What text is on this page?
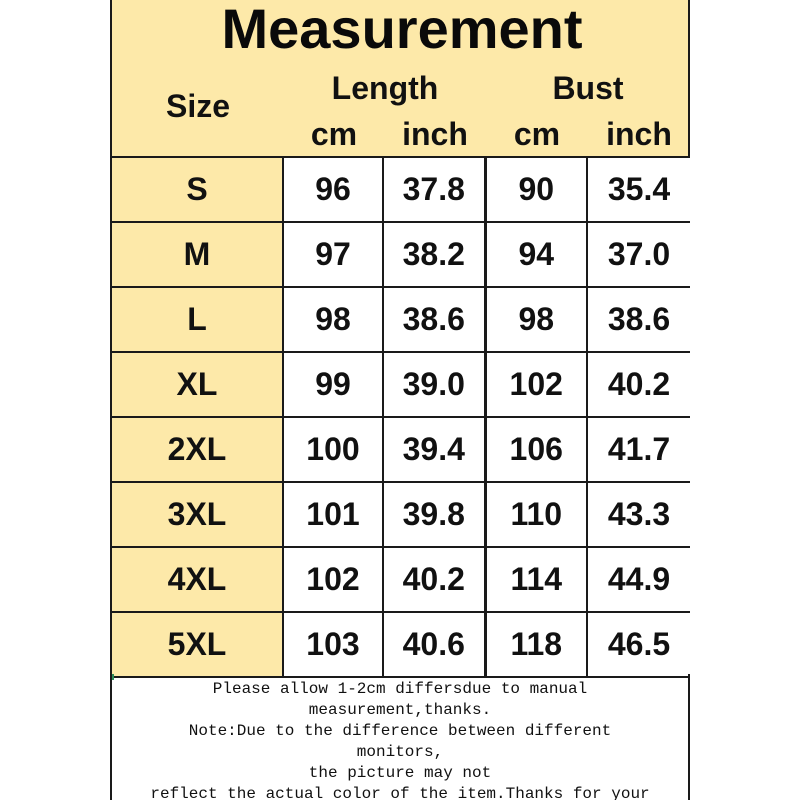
Measurement
Size	Length	Bust
cm	inch	cm	inch
S	96	37.8	90	35.4
M	97	38.2	94	37.0
L	98	38.6	98	38.6
XL	99	39.0	102	40.2
2XL	100	39.4	106	41.7
3XL	101	39.8	110	43.3
4XL	102	40.2	114	44.9
5XL	103	40.6	118	46.5
Please allow 1-2cm differsdue to manual
measurement,thanks.
Note:Due to the difference between different
monitors,
the picture may not
reflect the actual color of the item.Thanks for your
